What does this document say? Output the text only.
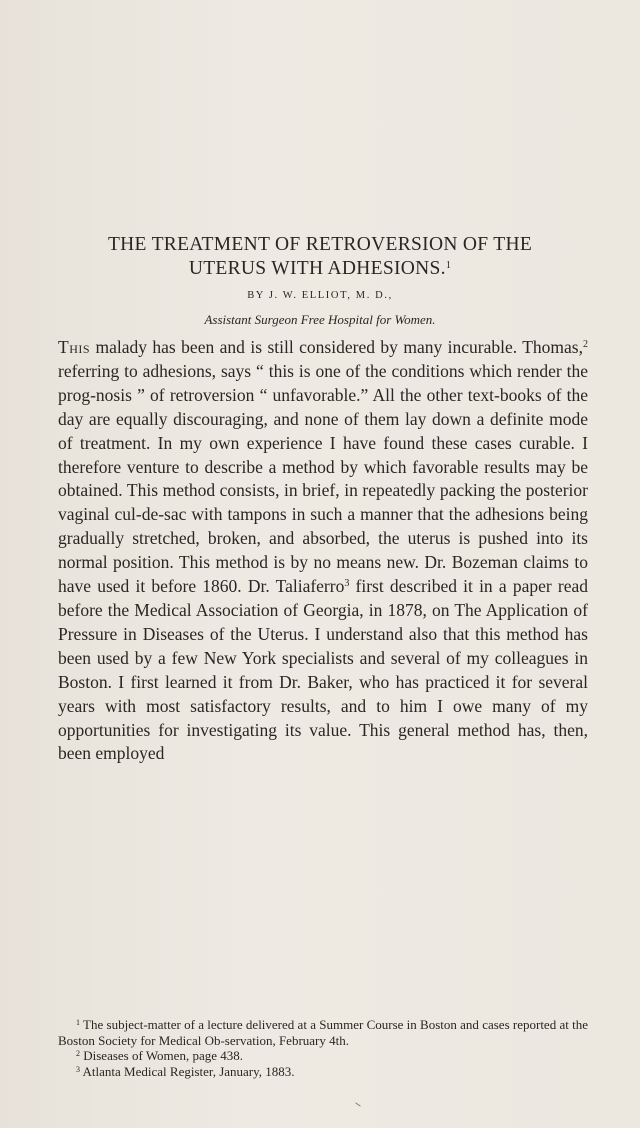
THE TREATMENT OF RETROVERSION OF THE
UTERUS WITH ADHESIONS.$^1$
BY J. W. ELLIOT, M. D.,
Assistant Surgeon Free Hospital for Women.

This malady has been and is still considered by many incurable. Thomas,$^2$ referring to adhesions, says “ this is one of the conditions which render the prog-nosis ” of retroversion “ unfavorable.” All the other text-books of the day are equally discouraging, and none of them lay down a definite mode of treatment. In my own experience I have found these cases curable. I therefore venture to describe a method by which favorable results may be obtained. This method consists, in brief, in repeatedly packing the posterior vaginal cul-de-sac with tampons in such a manner that the adhesions being gradually stretched, broken, and absorbed, the uterus is pushed into its normal position. This method is by no means new. Dr. Bozeman claims to have used it before 1860. Dr. Taliaferro$^3$ first described it in a paper read before the Medical Association of Georgia, in 1878, on The Application of Pressure in Diseases of the Uterus. I understand also that this method has been used by a few New York specialists and several of my colleagues in Boston. I first learned it from Dr. Baker, who has practiced it for several years with most satisfactory results, and to him I owe many of my opportunities for investigating its value. This general method has, then, been employed

$^1$ The subject-matter of a lecture delivered at a Summer Course in Boston and cases reported at the Boston Society for Medical Ob-servation, February 4th.

$^2$ Diseases of Women, page 438.

$^3$ Atlanta Medical Register, January, 1883.
